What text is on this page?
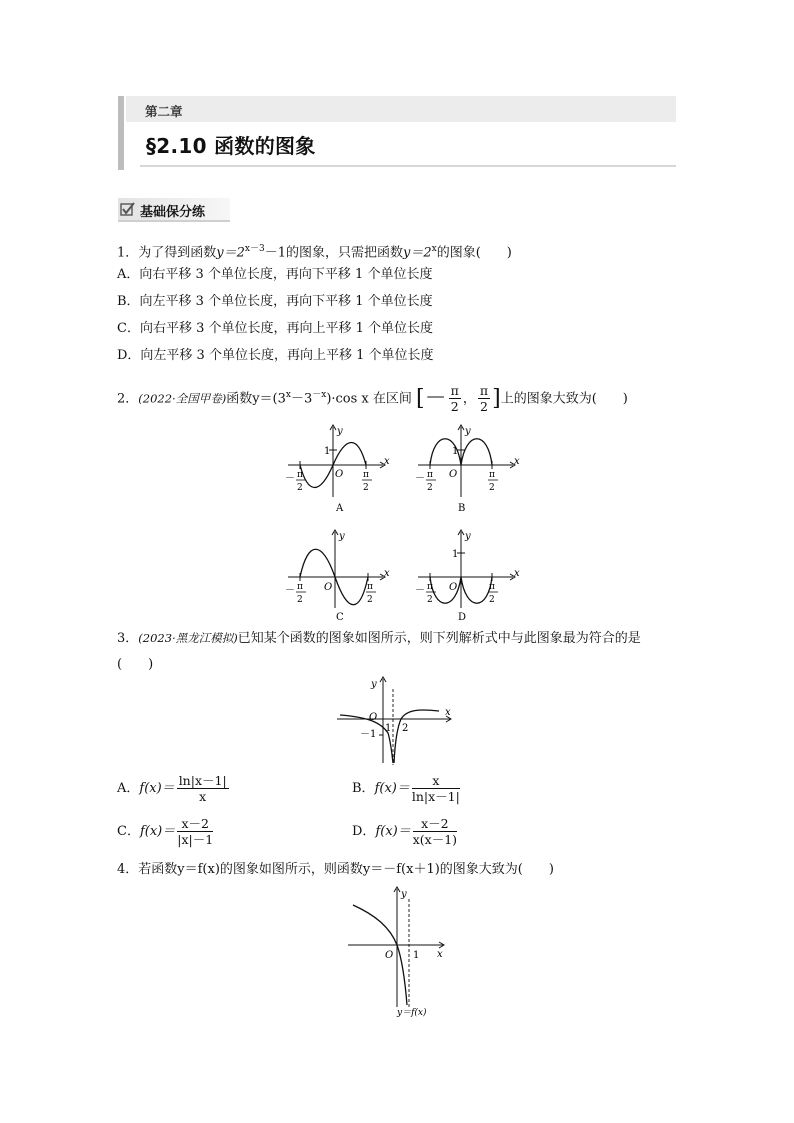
第二章
§2.10 函数的图象
基础保分练
1．为了得到函数$y=2^{x-3}-1$的图象，只需把函数$y=2^x$的图象(　　)
A．向右平移 3 个单位长度，再向下平移 1 个单位长度
B．向左平移 3 个单位长度，再向下平移 1 个单位长度
C．向右平移 3 个单位长度，再向上平移 1 个单位长度
D．向左平移 3 个单位长度，再向上平移 1 个单位长度
2．(2022·全国甲卷)函数$y=(3^x-3^{-x})\cdot\cos$ x 在区间 [－ $\frac{\pi}{2}$ ， $\frac{\pi}{2}$ ]上的图象大致为(　　)
y
x
O
1
－ π
2
π
2
A
y
x
O
1
－ π
2
π
2
B
y
x
O
－ π
2
π
2
C
y
x
O
1
－ π
2
π
2
D
3．(2023·黑龙江模拟)已知某个函数的图象如图所示，则下列解析式中与此图象最为符合的是
(　　)
y
x
O
1 2
－1
A．$f(x)= \frac{\ln|x-1|}{x}$	B．$f(x)= \frac{x}{\ln|x-1|}$
C．$f(x)= \frac{x-2}{|x|-1}$	D．$f(x)= \frac{x-2}{x(x-1)}$
4．若函数y＝f(x)的图象如图所示，则函数y＝－f(x＋1)的图象大致为(　　)
y
x
O 1
y＝f(x)
